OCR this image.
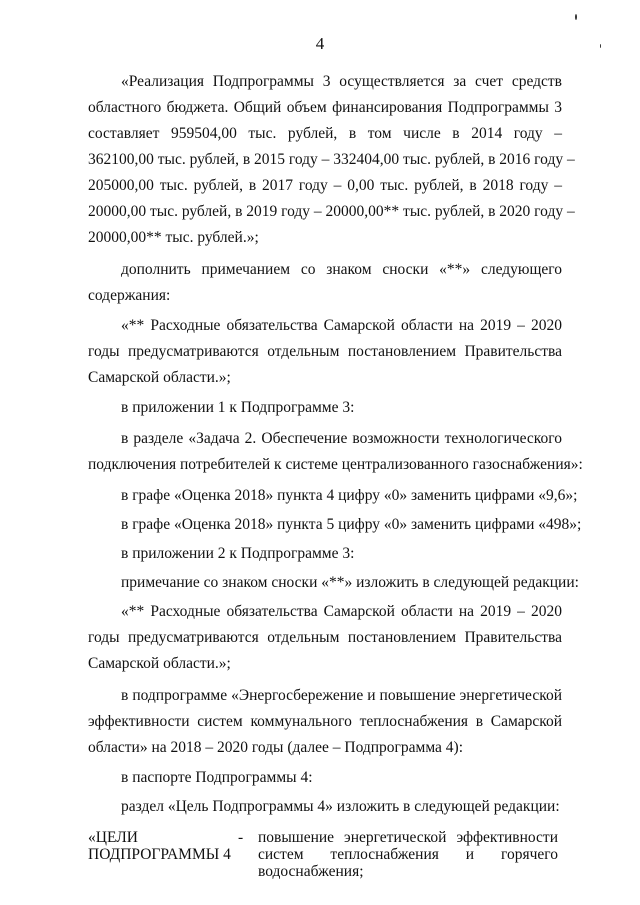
4
«Реализация Подпрограммы 3 осуществляется за счет средств
областного бюджета. Общий объем финансирования Подпрограммы 3
составляет 959504,00 тыс. рублей, в том числе в 2014 году –
362100,00 тыс. рублей, в 2015 году – 332404,00 тыс. рублей, в 2016 году –
205000,00 тыс. рублей, в 2017 году – 0,00 тыс. рублей, в 2018 году –
20000,00 тыс. рублей, в 2019 году – 20000,00** тыс. рублей, в 2020 году –
20000,00** тыс. рублей.»;
дополнить примечанием со знаком сноски «**» следующего
содержания:
«** Расходные обязательства Самарской области на 2019 – 2020
годы предусматриваются отдельным постановлением Правительства
Самарской области.»;
в приложении 1 к Подпрограмме 3:
в разделе «Задача 2. Обеспечение возможности технологического
подключения потребителей к системе централизованного газоснабжения»:
в графе «Оценка 2018» пункта 4 цифру «0» заменить цифрами «9,6»;
в графе «Оценка 2018» пункта 5 цифру «0» заменить цифрами «498»;
в приложении 2 к Подпрограмме 3:
примечание со знаком сноски «**» изложить в следующей редакции:
«** Расходные обязательства Самарской области на 2019 – 2020
годы предусматриваются отдельным постановлением Правительства
Самарской области.»;
в подпрограмме «Энергосбережение и повышение энергетической
эффективности систем коммунального теплоснабжения в Самарской
области» на 2018 – 2020 годы (далее – Подпрограмма 4):
в паспорте Подпрограммы 4:
раздел «Цель Подпрограммы 4» изложить в следующей редакции:
«ЦЕЛИ
ПОДПРОГРАММЫ 4
- повышение энергетической эффективности
систем теплоснабжения и горячего
водоснабжения;
